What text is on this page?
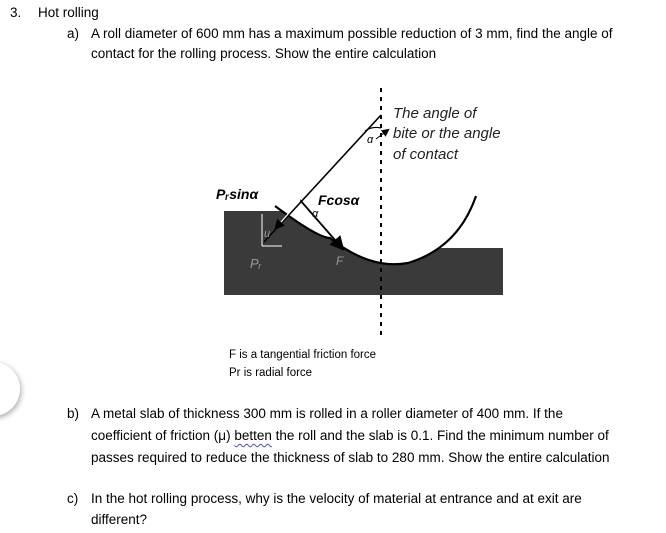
3. Hot rolling
a) A roll diameter of 600 mm has a maximum possible reduction of 3 mm, find the angle of
contact for the rolling process. Show the entire calculation
The angle of
bite or the angle
of contact
α
Pᵣsinα	Fcosα
α
u
Pᵣ	F
F is a tangential friction force
Pr is radial force
b) A metal slab of thickness 300 mm is rolled in a roller diameter of 400 mm. If the
coefficient of friction (μ) betten the roll and the slab is 0.1. Find the minimum number of
passes required to reduce the thickness of slab to 280 mm. Show the entire calculation
c) In the hot rolling process, why is the velocity of material at entrance and at exit are
different?
